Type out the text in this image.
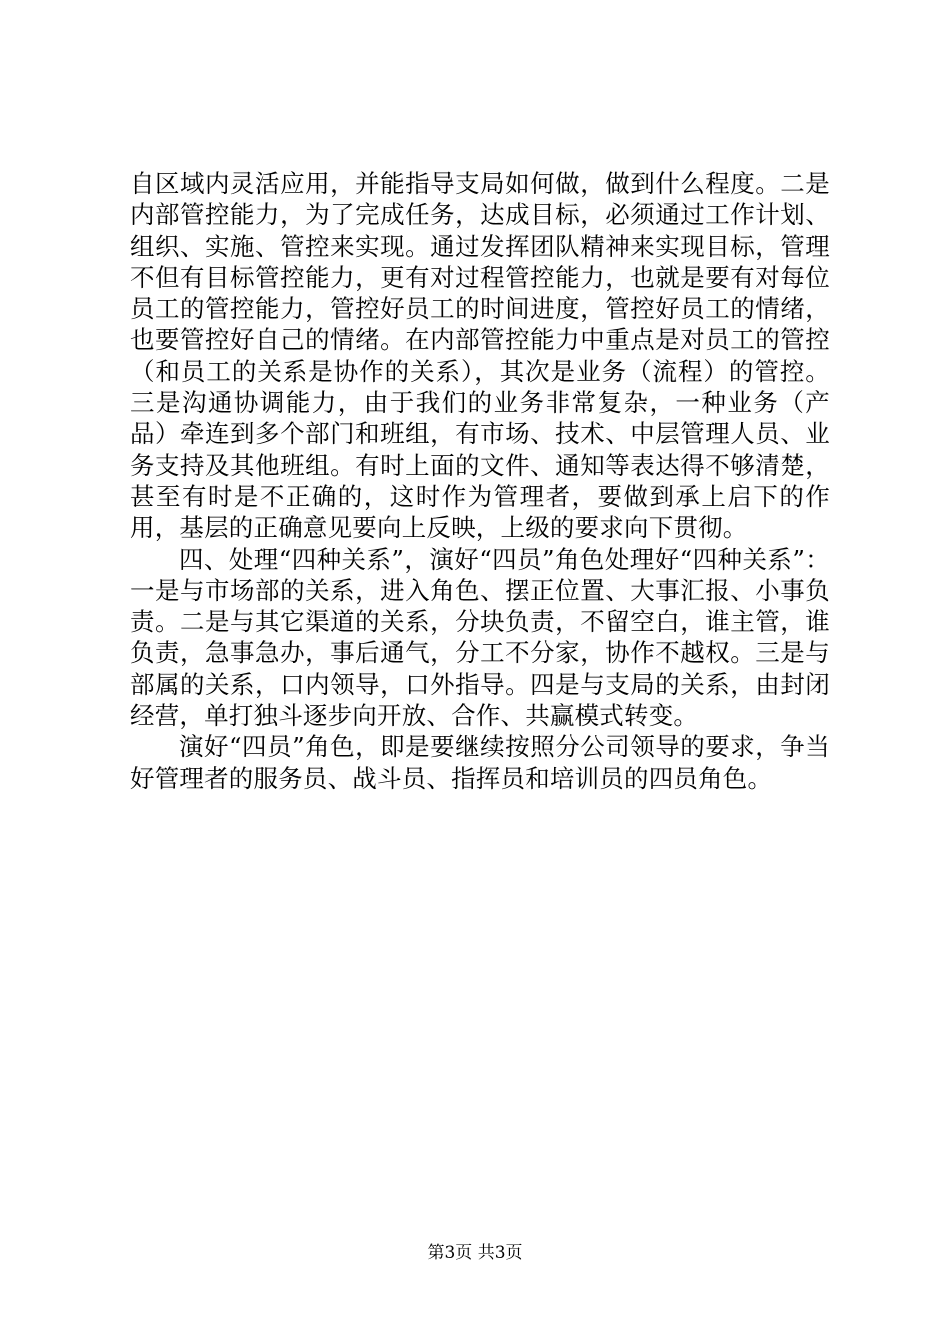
自区域内灵活应用，并能指导支局如何做，做到什么程度。二是内部管控能力，为了完成任务，达成目标，必须通过工作计划、组织、实施、管控来实现。通过发挥团队精神来实现目标，管理不但有目标管控能力，更有对过程管控能力，也就是要有对每位员工的管控能力，管控好员工的时间进度，管控好员工的情绪，也要管控好自己的情绪。在内部管控能力中重点是对员工的管控（和员工的关系是协作的关系），其次是业务（流程）的管控。三是沟通协调能力，由于我们的业务非常复杂，一种业务（产品）牵连到多个部门和班组，有市场、技术、中层管理人员、业务支持及其他班组。有时上面的文件、通知等表达得不够清楚，甚至有时是不正确的，这时作为管理者，要做到承上启下的作用，基层的正确意见要向上反映，上级的要求向下贯彻。

四、处理“四种关系”，演好“四员”角色处理好“四种关系”：一是与市场部的关系，进入角色、摆正位置、大事汇报、小事负责。二是与其它渠道的关系，分块负责，不留空白，谁主管，谁负责，急事急办，事后通气，分工不分家，协作不越权。三是与部属的关系，口内领导，口外指导。四是与支局的关系，由封闭经营，单打独斗逐步向开放、合作、共赢模式转变。

演好“四员”角色，即是要继续按照分公司领导的要求，争当好管理者的服务员、战斗员、指挥员和培训员的四员角色。

第3页 共3页
